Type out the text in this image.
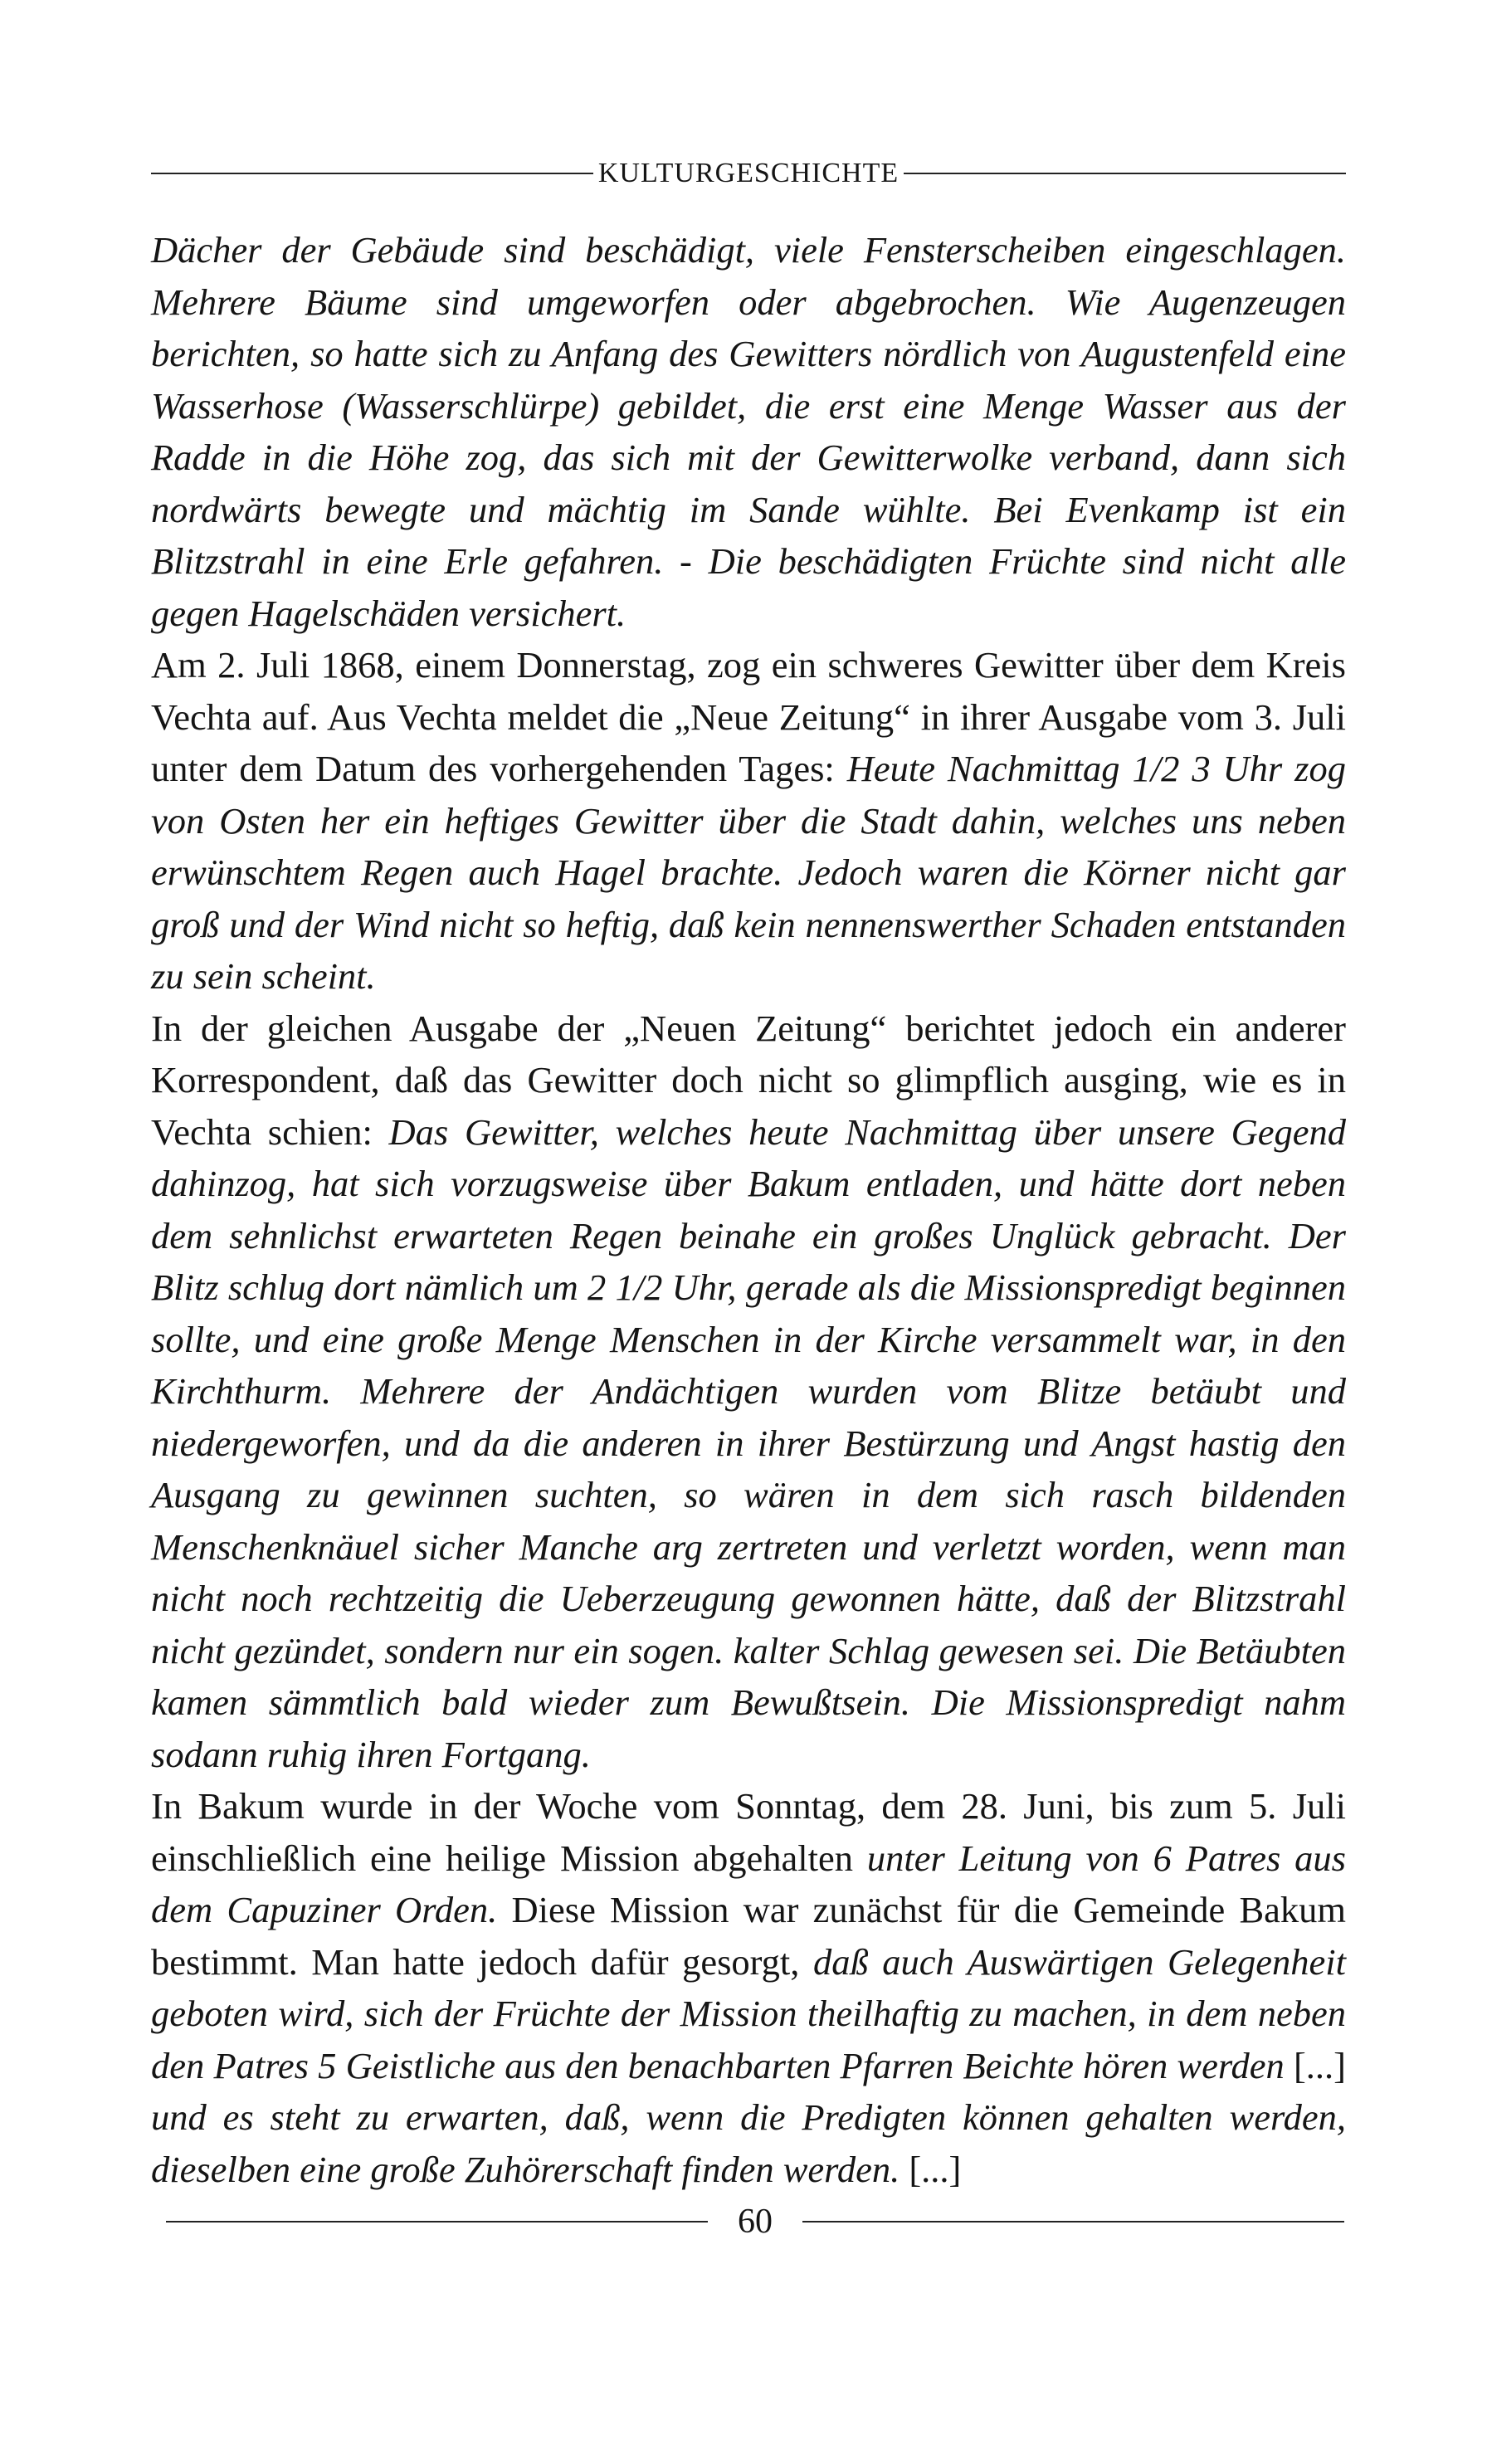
KULTURGESCHICHTE

Dächer der Gebäude sind beschädigt, viele Fensterscheiben eingeschlagen. Mehrere Bäume sind umgeworfen oder abgebrochen. Wie Augenzeugen berichten, so hatte sich zu Anfang des Gewitters nördlich von Augustenfeld eine Wasserhose (Wasserschlürpe) gebildet, die erst eine Menge Wasser aus der Radde in die Höhe zog, das sich mit der Gewitterwolke verband, dann sich nordwärts bewegte und mächtig im Sande wühlte. Bei Evenkamp ist ein Blitzstrahl in eine Erle gefahren. - Die beschädigten Früchte sind nicht alle gegen Hagelschäden versichert.

Am 2. Juli 1868, einem Donnerstag, zog ein schweres Gewitter über dem Kreis Vechta auf. Aus Vechta meldet die „Neue Zeitung“ in ihrer Ausgabe vom 3. Juli unter dem Datum des vorhergehenden Tages: Heute Nachmittag 1/2 3 Uhr zog von Osten her ein heftiges Gewitter über die Stadt dahin, welches uns neben erwünschtem Regen auch Hagel brachte. Jedoch waren die Körner nicht gar groß und der Wind nicht so heftig, daß kein nennenswerther Schaden entstanden zu sein scheint.

In der gleichen Ausgabe der „Neuen Zeitung“ berichtet jedoch ein anderer Korrespondent, daß das Gewitter doch nicht so glimpflich ausging, wie es in Vechta schien: Das Gewitter, welches heute Nachmittag über unsere Gegend dahinzog, hat sich vorzugsweise über Bakum entladen, und hätte dort neben dem sehnlichst erwarteten Regen beinahe ein großes Unglück gebracht. Der Blitz schlug dort nämlich um 2 1/2 Uhr, gerade als die Missionspredigt beginnen sollte, und eine große Menge Menschen in der Kirche versammelt war, in den Kirchthurm. Mehrere der Andächtigen wurden vom Blitze betäubt und niedergeworfen, und da die anderen in ihrer Bestürzung und Angst hastig den Ausgang zu gewinnen suchten, so wären in dem sich rasch bildenden Menschenknäuel sicher Manche arg zertreten und verletzt worden, wenn man nicht noch rechtzeitig die Ueberzeugung gewonnen hätte, daß der Blitzstrahl nicht gezündet, sondern nur ein sogen. kalter Schlag gewesen sei. Die Betäubten kamen sämmtlich bald wieder zum Bewußtsein. Die Missionspredigt nahm sodann ruhig ihren Fortgang.

In Bakum wurde in der Woche vom Sonntag, dem 28. Juni, bis zum 5. Juli einschließlich eine heilige Mission abgehalten unter Leitung von 6 Patres aus dem Capuziner Orden. Diese Mission war zunächst für die Gemeinde Bakum bestimmt. Man hatte jedoch dafür gesorgt, daß auch Auswärtigen Gelegenheit geboten wird, sich der Früchte der Mission theilhaftig zu machen, in dem neben den Patres 5 Geistliche aus den benachbarten Pfarren Beichte hören werden [...] und es steht zu erwarten, daß, wenn die Predigten können gehalten werden, dieselben eine große Zuhörerschaft finden werden. [...]

60
